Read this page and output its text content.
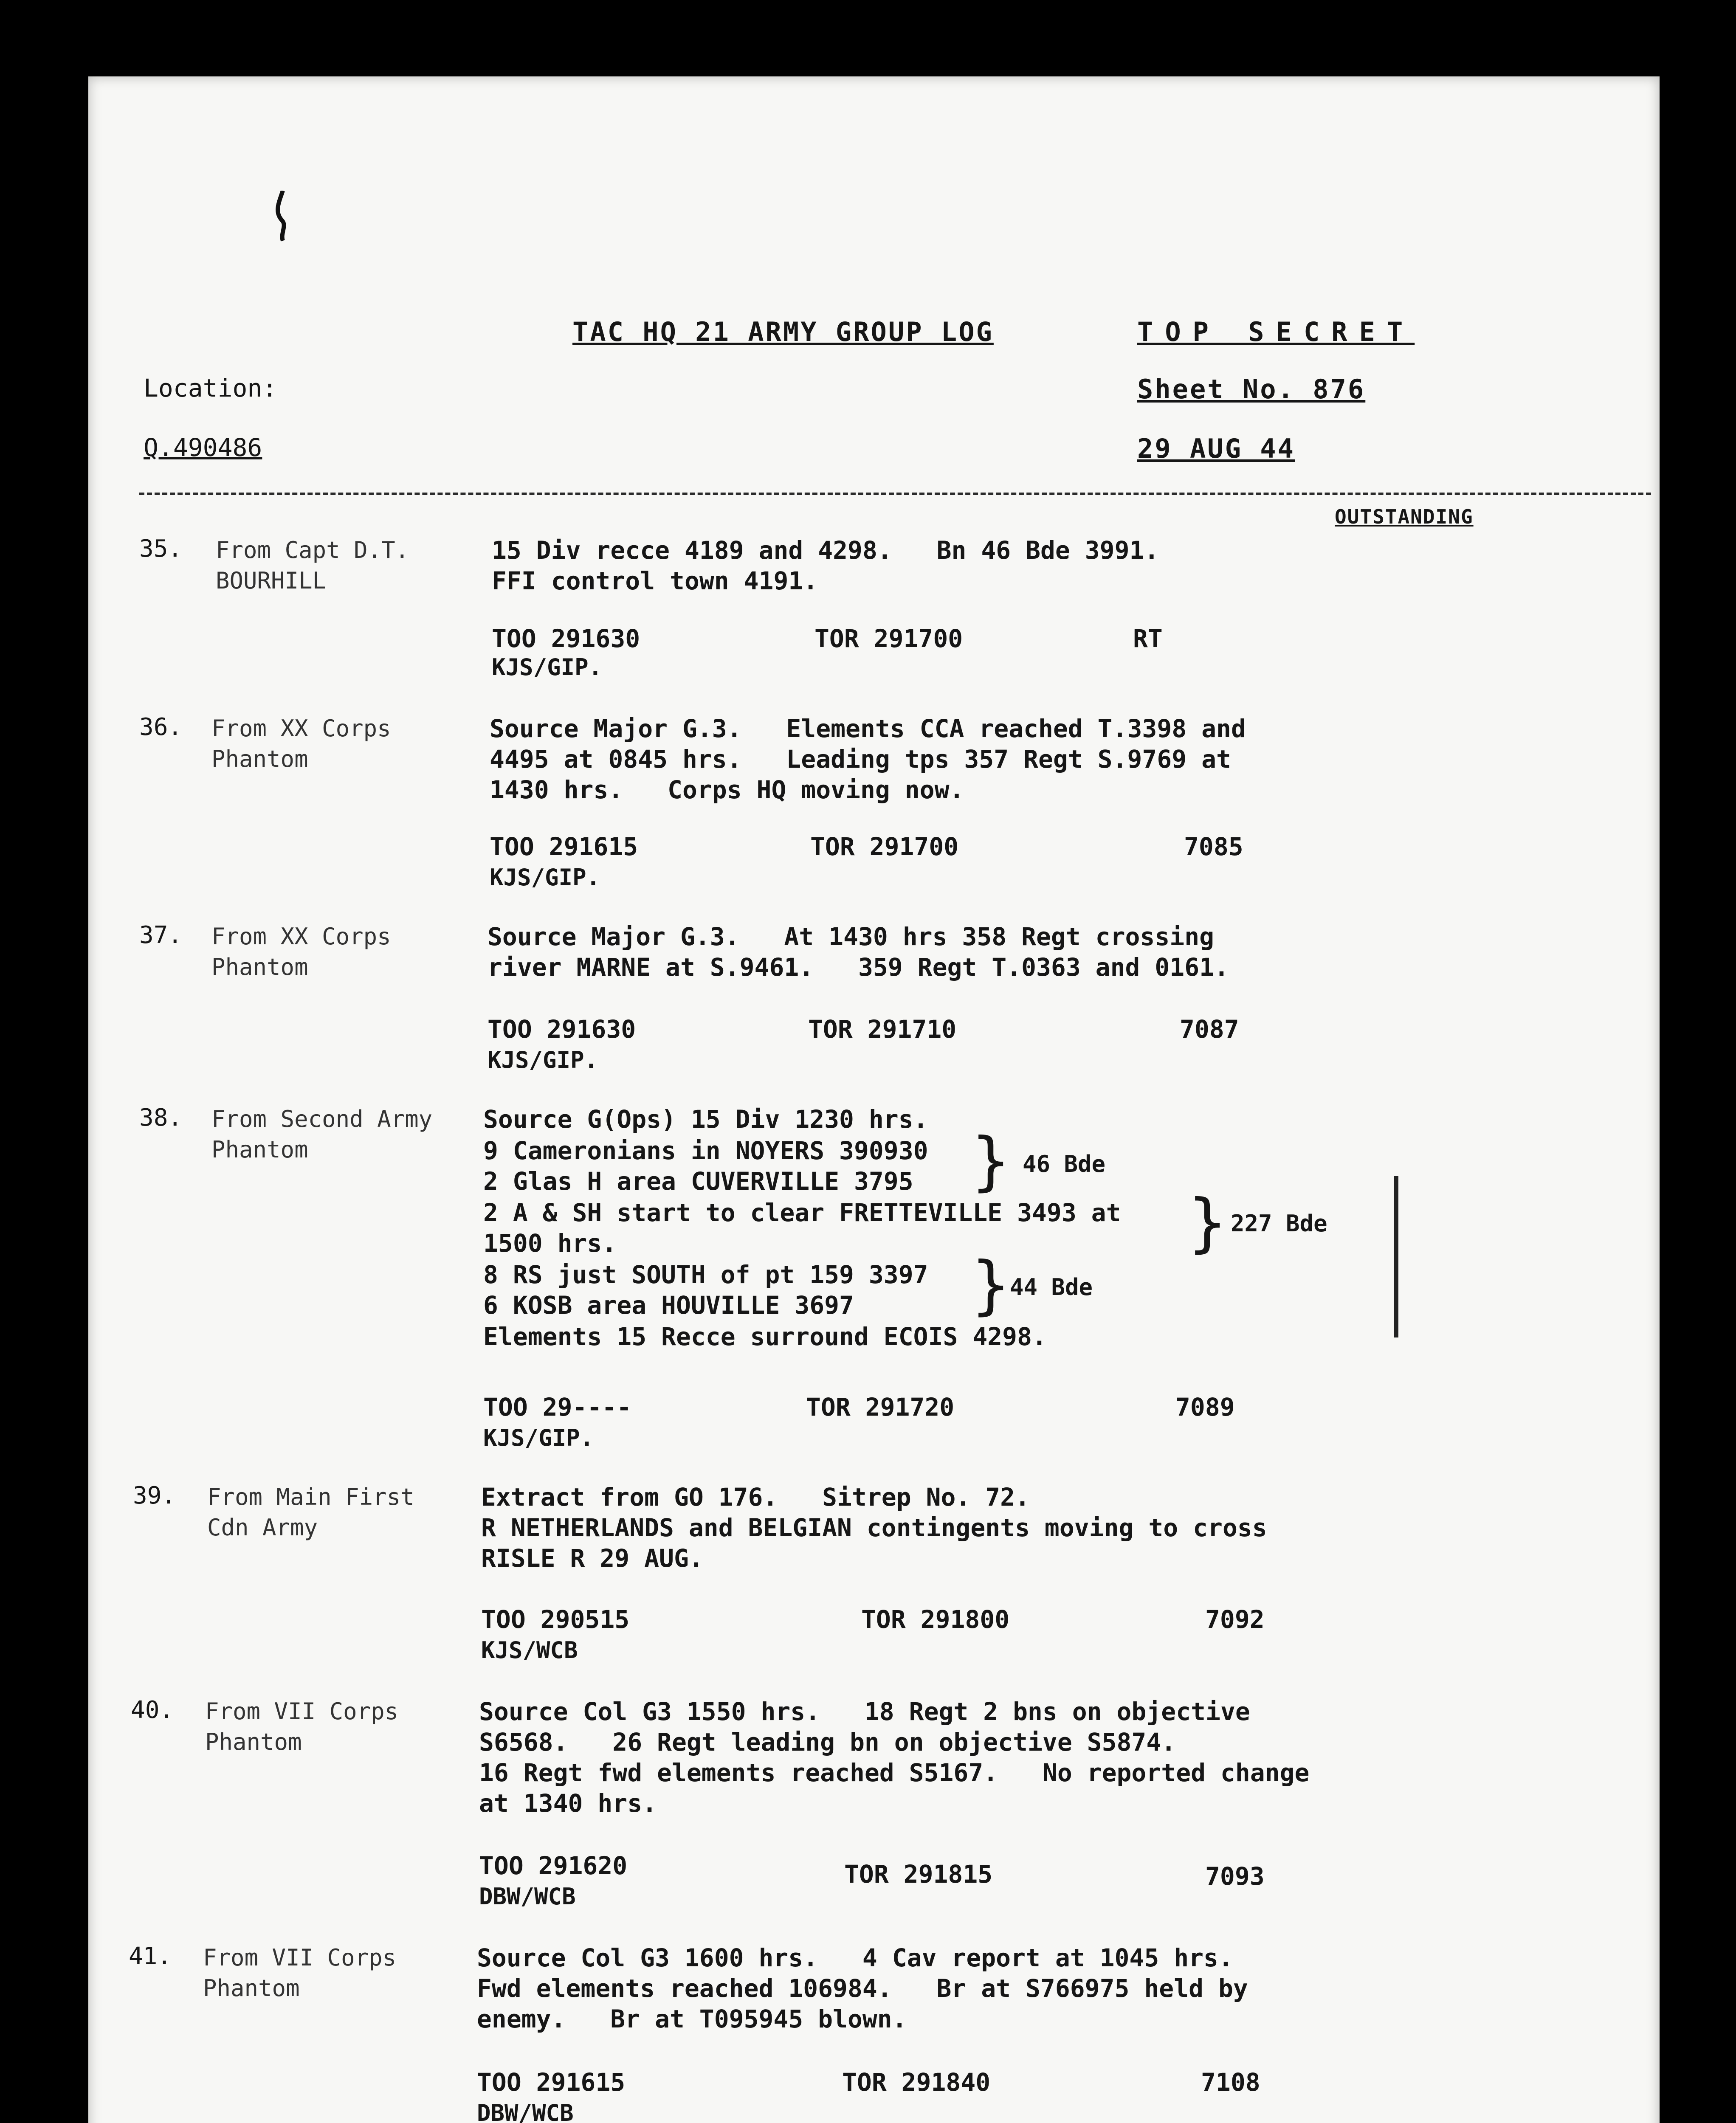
TAC HQ 21 ARMY GROUP LOG	TOP SECRET
Location:	Sheet No. 876
Q.490486	29 AUG 44
OUTSTANDING
35. From Capt D.T.
BOURHILL
15 Div recce 4189 and 4298.   Bn 46 Bde 3991.
FFI control town 4191.
TOO 291630	TOR 291700	RT
KJS/GIP.
36. From XX Corps
Phantom
Source Major G.3.   Elements CCA reached T.3398 and
4495 at 0845 hrs.   Leading tps 357 Regt S.9769 at
1430 hrs.   Corps HQ moving now.
TOO 291615	TOR 291700	7085
KJS/GIP.
37. From XX Corps
Phantom
Source Major G.3.   At 1430 hrs 358 Regt crossing
river MARNE at S.9461.   359 Regt T.0363 and 0161.
TOO 291630	TOR 291710	7087
KJS/GIP.
38. From Second Army
Phantom
Source G(Ops) 15 Div 1230 hrs.
9 Cameronians in NOYERS 390930
2 Glas H area CUVERVILLE 3795 } 46 Bde
2 A & SH start to clear FRETTEVILLE 3493 at
1500 hrs.	} 227 Bde
8 RS just SOUTH of pt 159 3397
6 KOSB area HOUVILLE 3697	} 44 Bde
Elements 15 Recce surround ECOIS 4298.
TOO 29----	TOR 291720	7089
KJS/GIP.
39. From Main First
Cdn Army
Extract from GO 176.   Sitrep No. 72.
R NETHERLANDS and BELGIAN contingents moving to cross
RISLE R 29 AUG.
TOO 290515	TOR 291800	7092
KJS/WCB
40. From VII Corps
Phantom
Source Col G3 1550 hrs.   18 Regt 2 bns on objective
S6568.   26 Regt leading bn on objective S5874.
16 Regt fwd elements reached S5167.   No reported change
at 1340 hrs.
TOO 291620	TOR 291815	7093
DBW/WCB
41. From VII Corps
Phantom
Source Col G3 1600 hrs.   4 Cav report at 1045 hrs.
Fwd elements reached 106984.   Br at S766975 held by
enemy.   Br at T095945 blown.
TOO 291615	TOR 291840	7108
DBW/WCB
